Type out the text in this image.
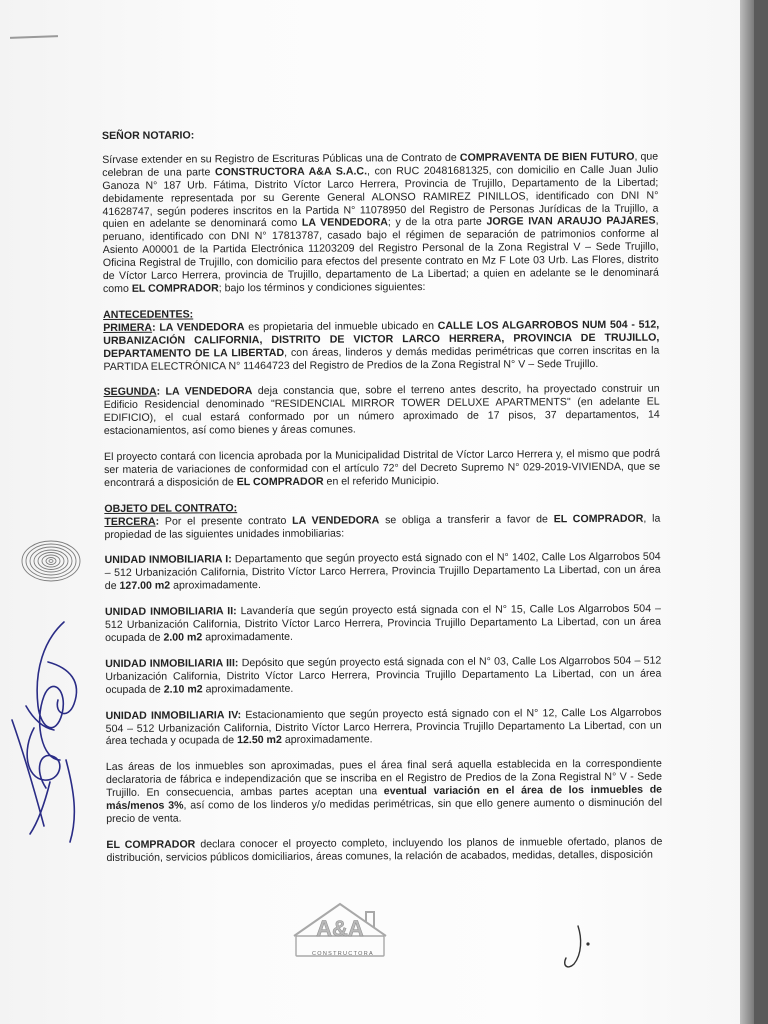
SEÑOR NOTARIO:

Sírvase extender en su Registro de Escrituras Públicas una de Contrato de COMPRAVENTA DE BIEN FUTURO, que celebran de una parte CONSTRUCTORA A&A S.A.C., con RUC 20481681325, con domicilio en Calle Juan Julio Ganoza N° 187 Urb. Fátima, Distrito Víctor Larco Herrera, Provincia de Trujillo, Departamento de la Libertad; debidamente representada por su Gerente General ALONSO RAMIREZ PINILLOS, identificado con DNI N° 41628747, según poderes inscritos en la Partida N° 11078950 del Registro de Personas Jurídicas de la Trujillo, a quien en adelante se denominará como LA VENDEDORA; y de la otra parte JORGE IVAN ARAUJO PAJARES, peruano, identificado con DNI N° 17813787, casado bajo el régimen de separación de patrimonios conforme al Asiento A00001 de la Partida Electrónica 11203209 del Registro Personal de la Zona Registral V – Sede Trujillo, Oficina Registral de Trujillo, con domicilio para efectos del presente contrato en Mz F Lote 03 Urb. Las Flores, distrito de Víctor Larco Herrera, provincia de Trujillo, departamento de La Libertad; a quien en adelante se le denominará como EL COMPRADOR; bajo los términos y condiciones siguientes:

ANTECEDENTES:

PRIMERA: LA VENDEDORA es propietaria del inmueble ubicado en CALLE LOS ALGARROBOS NUM 504 - 512, URBANIZACIÓN CALIFORNIA, DISTRITO DE VICTOR LARCO HERRERA, PROVINCIA DE TRUJILLO, DEPARTAMENTO DE LA LIBERTAD, con áreas, linderos y demás medidas perimétricas que corren inscritas en la PARTIDA ELECTRÓNICA N° 11464723 del Registro de Predios de la Zona Registral N° V – Sede Trujillo.

SEGUNDA: LA VENDEDORA deja constancia que, sobre el terreno antes descrito, ha proyectado construir un Edificio Residencial denominado "RESIDENCIAL MIRROR TOWER DELUXE APARTMENTS" (en adelante EL EDIFICIO), el cual estará conformado por un número aproximado de 17 pisos, 37 departamentos, 14 estacionamientos, así como bienes y áreas comunes.

El proyecto contará con licencia aprobada por la Municipalidad Distrital de Víctor Larco Herrera y, el mismo que podrá ser materia de variaciones de conformidad con el artículo 72° del Decreto Supremo N° 029-2019-VIVIENDA, que se encontrará a disposición de EL COMPRADOR en el referido Municipio.

OBJETO DEL CONTRATO:

TERCERA: Por el presente contrato LA VENDEDORA se obliga a transferir a favor de EL COMPRADOR, la propiedad de las siguientes unidades inmobiliarias:

UNIDAD INMOBILIARIA I: Departamento que según proyecto está signado con el N° 1402, Calle Los Algarrobos 504 – 512 Urbanización California, Distrito Víctor Larco Herrera, Provincia Trujillo Departamento La Libertad, con un área de 127.00 m2 aproximadamente.

UNIDAD INMOBILIARIA II: Lavandería que según proyecto está signada con el N° 15, Calle Los Algarrobos 504 – 512 Urbanización California, Distrito Víctor Larco Herrera, Provincia Trujillo Departamento La Libertad, con un área ocupada de 2.00 m2 aproximadamente.

UNIDAD INMOBILIARIA III: Depósito que según proyecto está signada con el N° 03, Calle Los Algarrobos 504 – 512 Urbanización California, Distrito Víctor Larco Herrera, Provincia Trujillo Departamento La Libertad, con un área ocupada de 2.10 m2 aproximadamente.

UNIDAD INMOBILIARIA IV: Estacionamiento que según proyecto está signado con el N° 12, Calle Los Algarrobos 504 – 512 Urbanización California, Distrito Víctor Larco Herrera, Provincia Trujillo Departamento La Libertad, con un área techada y ocupada de 12.50 m2 aproximadamente.

Las áreas de los inmuebles son aproximadas, pues el área final será aquella establecida en la correspondiente declaratoria de fábrica e independización que se inscriba en el Registro de Predios de la Zona Registral N° V - Sede Trujillo. En consecuencia, ambas partes aceptan una eventual variación en el área de los inmuebles de más/menos 3%, así como de los linderos y/o medidas perimétricas, sin que ello genere aumento o disminución del precio de venta.

EL COMPRADOR declara conocer el proyecto completo, incluyendo los planos de inmueble ofertado, planos de distribución, servicios públicos domiciliarios, áreas comunes, la relación de acabados, medidas, detalles, disposición

A&A
CONSTRUCTORA
